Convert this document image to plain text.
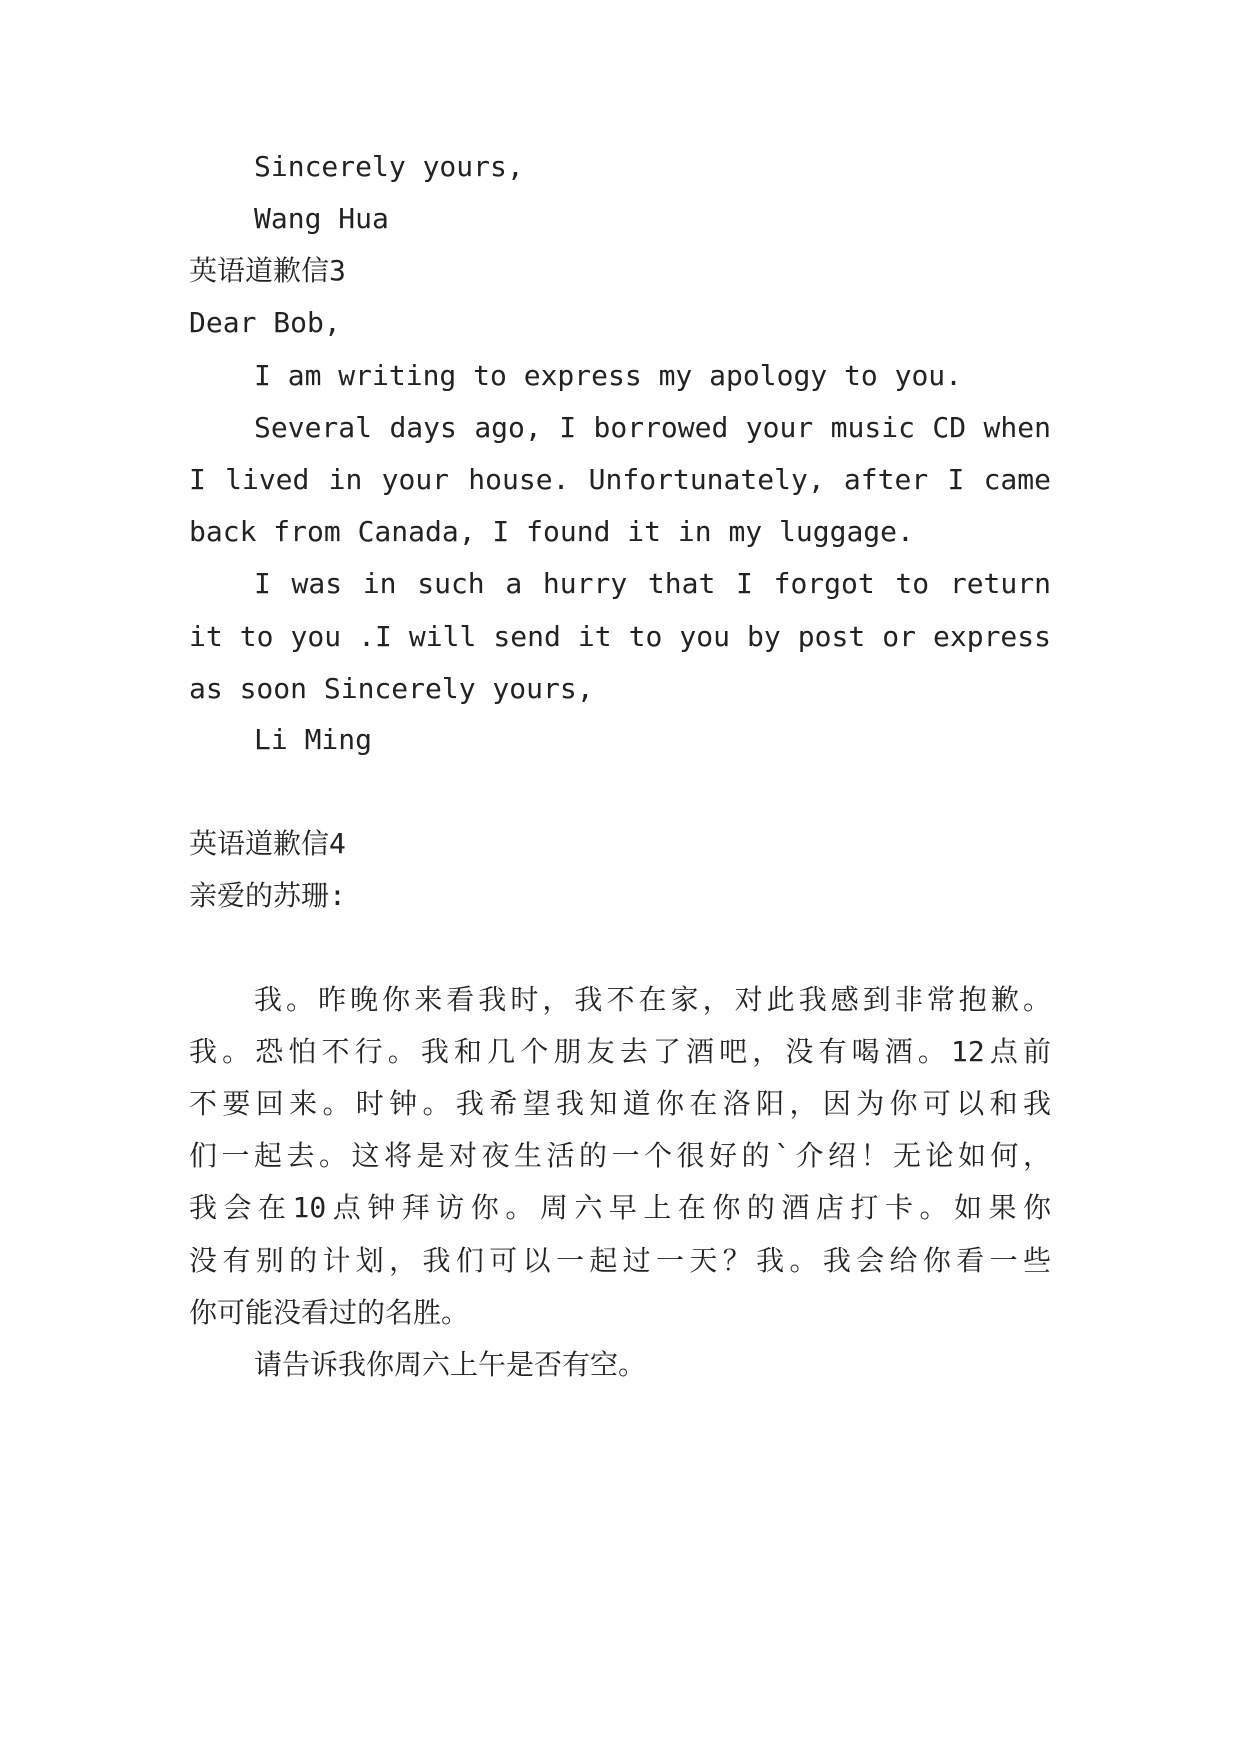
Sincerely yours,

Wang Hua

英语道歉信3

Dear Bob,

I am writing to express my apology to you.

Several days ago, I borrowed your music CD when

I lived in your house. Unfortunately, after I came

back from Canada, I found it in my luggage.

I was in such a hurry that I forgot to return

it to you .I will send it to you by post or express

as soon Sincerely yours,

Li Ming

英语道歉信4

亲爱的苏珊:

我。昨晚你来看我时，我不在家，对此我感到非常抱歉。

我。恐怕不行。我和几个朋友去了酒吧，没有喝酒。12点前

不要回来。时钟。我希望我知道你在洛阳，因为你可以和我

们一起去。这将是对夜生活的一个很好的`介绍！无论如何，

我会在10点钟拜访你。周六早上在你的酒店打卡。如果你

没有别的计划，我们可以一起过一天？我。我会给你看一些

你可能没看过的名胜。

请告诉我你周六上午是否有空。
